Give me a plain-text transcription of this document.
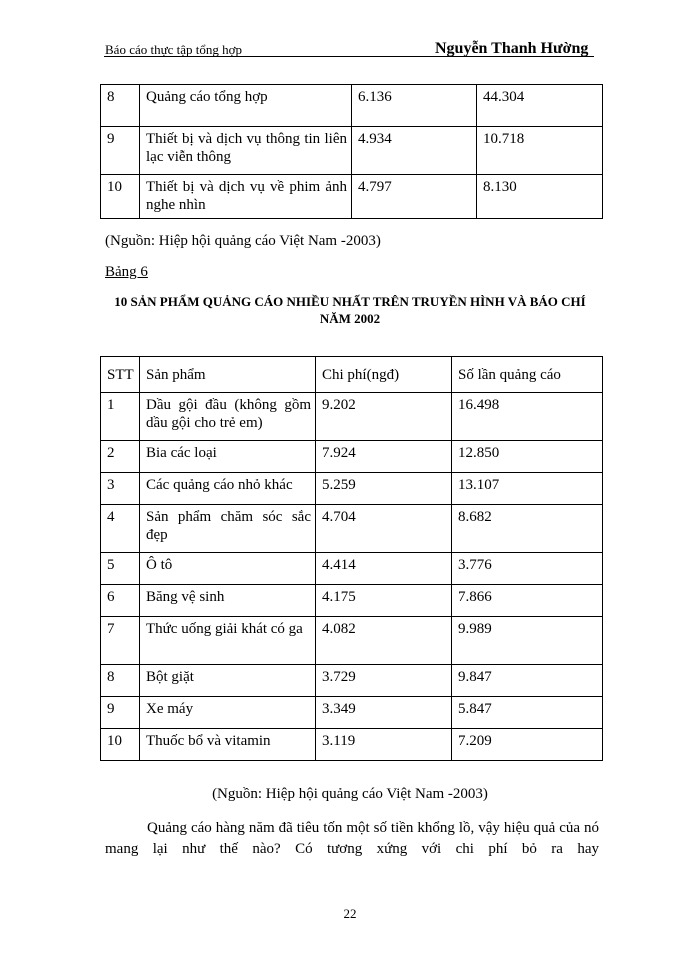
Báo cáo thực tập tổng hợp	Nguyễn Thanh Hường
8	Quảng cáo tổng hợp	6.136	44.304
9	Thiết bị và dịch vụ thông tin liên lạc viễn thông	4.934	10.718
10	Thiết bị và dịch vụ về phim ảnh nghe nhìn	4.797	8.130
(Nguồn: Hiệp hội quảng cáo Việt Nam -2003)
Bảng 6
10 SẢN PHẨM QUẢNG CÁO NHIỀU NHẤT TRÊN TRUYỀN HÌNH VÀ BÁO CHÍ NĂM 2002
STT	Sản phẩm	Chi phí(ngđ)	Số lần quảng cáo
1	Dầu gội đầu (không gồm dầu gội cho trẻ em)	9.202	16.498
2	Bia các loại	7.924	12.850
3	Các quảng cáo nhỏ khác	5.259	13.107
4	Sản phẩm chăm sóc sắc đẹp	4.704	8.682
5	Ô tô	4.414	3.776
6	Băng vệ sinh	4.175	7.866
7	Thức uống giải khát có ga	4.082	9.989
8	Bột giặt	3.729	9.847
9	Xe máy	3.349	5.847
10	Thuốc bổ và vitamin	3.119	7.209
(Nguồn: Hiệp hội quảng cáo Việt Nam -2003)
Quảng cáo hàng năm đã tiêu tốn một số tiền khổng lồ, vậy hiệu quả của nó mang lại như thế nào? Có tương xứng với chi phí bỏ ra hay
22
